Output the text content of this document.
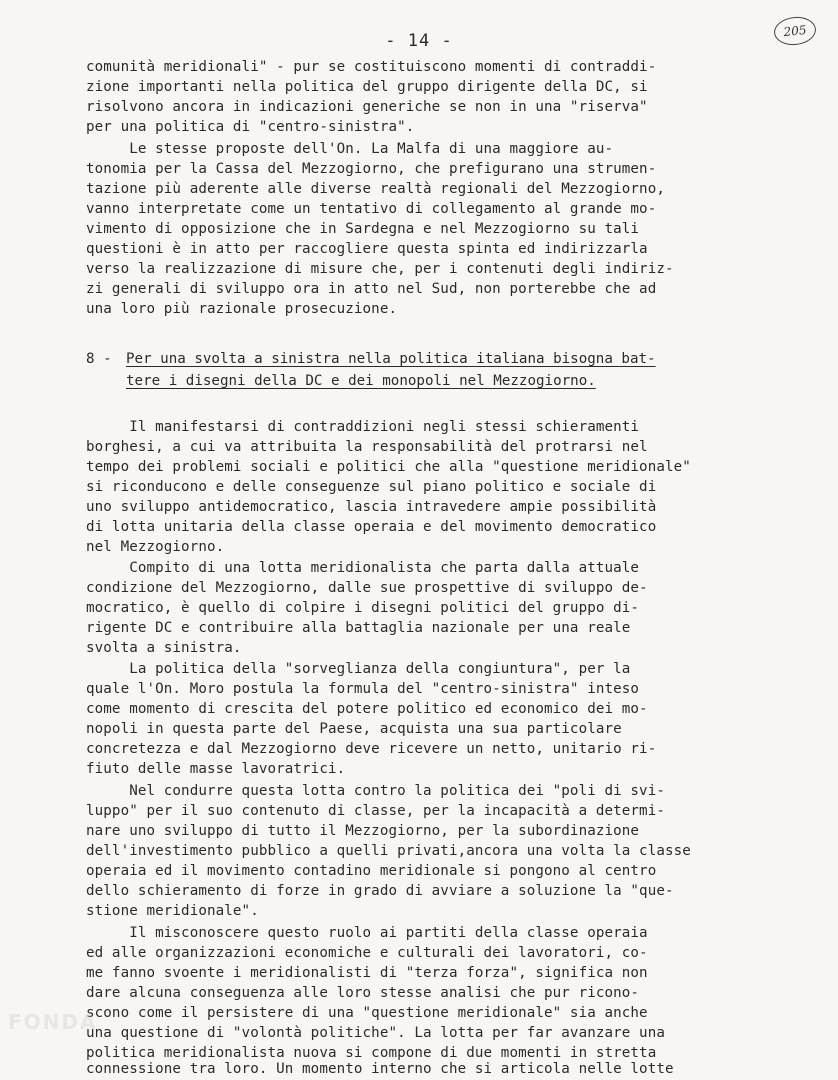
- 14 -	205
comunità meridionali" - pur se costituiscono momenti di contraddi-
zione importanti nella politica del gruppo dirigente della DC, si
risolvono ancora in indicazioni generiche se non in una "riserva"
per una politica di "centro-sinistra".
Le stesse proposte dell'On. La Malfa di una maggiore au-
tonomia per la Cassa del Mezzogiorno, che prefigurano una strumen-
tazione più aderente alle diverse realtà regionali del Mezzogiorno,
vanno interpretate come un tentativo di collegamento al grande mo-
vimento di opposizione che in Sardegna e nel Mezzogiorno su tali
questioni è in atto per raccogliere questa spinta ed indirizzarla
verso la realizzazione di misure che, per i contenuti degli indiriz-
zi generali di sviluppo ora in atto nel Sud, non porterebbe che ad
una loro più razionale prosecuzione.
8 - Per una svolta a sinistra nella politica italiana bisogna bat-
tere i disegni della DC e dei monopoli nel Mezzogiorno.
Il manifestarsi di contraddizioni negli stessi schieramenti
borghesi, a cui va attribuita la responsabilità del protrarsi nel
tempo dei problemi sociali e politici che alla "questione meridionale"
si riconducono e delle conseguenze sul piano politico e sociale di
uno sviluppo antidemocratico, lascia intravedere ampie possibilità
di lotta unitaria della classe operaia e del movimento democratico
nel Mezzogiorno.
Compito di una lotta meridionalista che parta dalla attuale
condizione del Mezzogiorno, dalle sue prospettive di sviluppo de-
mocratico, è quello di colpire i disegni politici del gruppo di-
rigente DC e contribuire alla battaglia nazionale per una reale
svolta a sinistra.
La politica della "sorveglianza della congiuntura", per la
quale l'On. Moro postula la formula del "centro-sinistra" inteso
come momento di crescita del potere politico ed economico dei mo-
nopoli in questa parte del Paese, acquista una sua particolare
concretezza e dal Mezzogiorno deve ricevere un netto, unitario ri-
fiuto delle masse lavoratrici.
Nel condurre questa lotta contro la politica dei "poli di svi-
luppo" per il suo contenuto di classe, per la incapacità a determi-
nare uno sviluppo di tutto il Mezzogiorno, per la subordinazione
dell'investimento pubblico a quelli privati,ancora una volta la classe
operaia ed il movimento contadino meridionale si pongono al centro
dello schieramento di forze in grado di avviare a soluzione la "que-
stione meridionale".
Il misconoscere questo ruolo ai partiti della classe operaia
ed alle organizzazioni economiche e culturali dei lavoratori, co-
me fanno svoente i meridionalisti di "terza forza", significa non
dare alcuna conseguenza alle loro stesse analisi che pur ricono-
scono come il persistere di una "questione meridionale" sia anche
una questione di "volontà politiche". La lotta per far avanzare una
politica meridionalista nuova si compone di due momenti in stretta
connessione tra loro. Un momento interno che si articola nelle lotte
FONDA
